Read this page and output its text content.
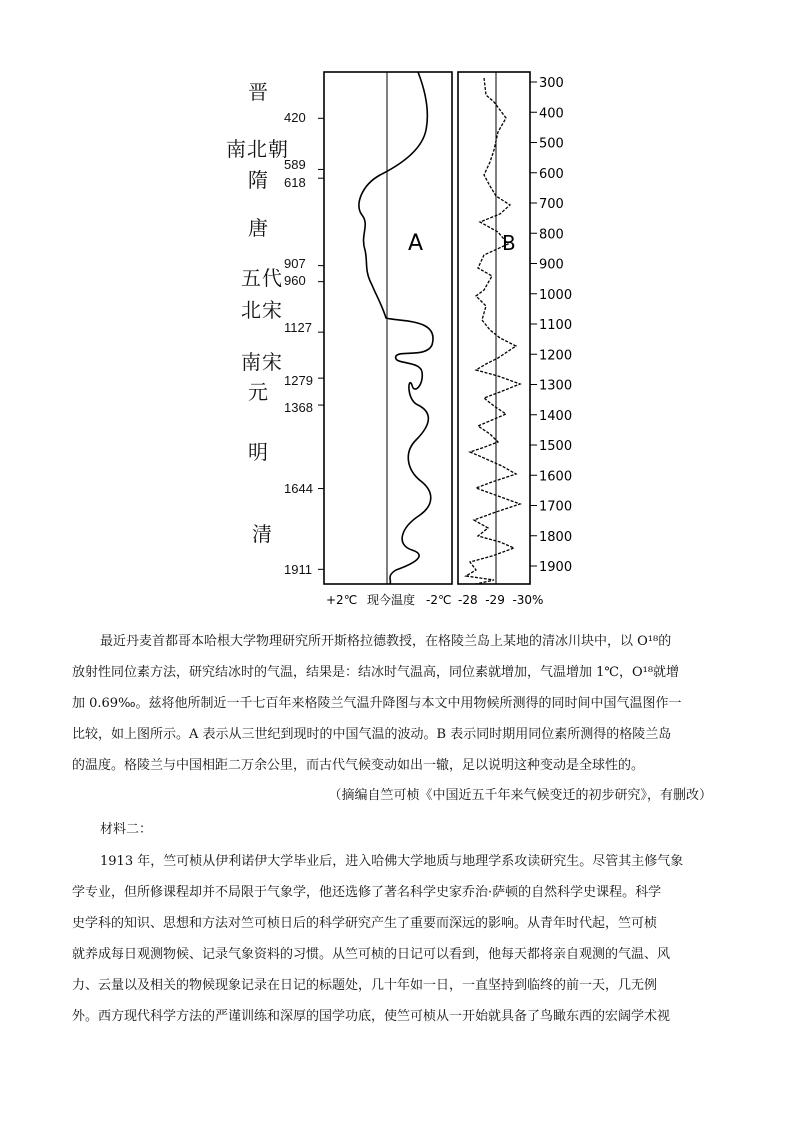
A	B
300
400
500
600
700
800
900
1000
1100
1200
1300
1400
1500
1600
1700
1800
1900
+2℃ 现今温度 -2℃ -28  -29  -30%
晋
南北朝
隋
唐
五代
北宋
南宋
元
明
清
420
589
618
907
960
1127
1279
1368
1644
1911
最近丹麦首都哥本哈根大学物理研究所开斯格拉德教授，在格陵兰岛上某地的清冰川块中，以 O¹⁸的
放射性同位素方法，研究结冰时的气温，结果是：结冰时气温高，同位素就增加，气温增加 1℃，O¹⁸就增
加 0.69‰。兹将他所制近一千七百年来格陵兰气温升降图与本文中用物候所测得的同时间中国气温图作一
比较，如上图所示。A 表示从三世纪到现时的中国气温的波动。B 表示同时期用同位素所测得的格陵兰岛
的温度。格陵兰与中国相距二万余公里，而古代气候变动如出一辙，足以说明这种变动是全球性的。
（摘编自竺可桢《中国近五千年来气候变迁的初步研究》，有删改）
材料二：
1913 年，竺可桢从伊利诺伊大学毕业后，进入哈佛大学地质与地理学系攻读研究生。尽管其主修气象
学专业，但所修课程却并不局限于气象学，他还选修了著名科学史家乔治·萨顿的自然科学史课程。科学
史学科的知识、思想和方法对竺可桢日后的科学研究产生了重要而深远的影响。从青年时代起，竺可桢
就养成每日观测物候、记录气象资料的习惯。从竺可桢的日记可以看到，他每天都将亲自观测的气温、风
力、云量以及相关的物候现象记录在日记的标题处，几十年如一日，一直坚持到临终的前一天，几无例
外。西方现代科学方法的严谨训练和深厚的国学功底，使竺可桢从一开始就具备了鸟瞰东西的宏阔学术视
